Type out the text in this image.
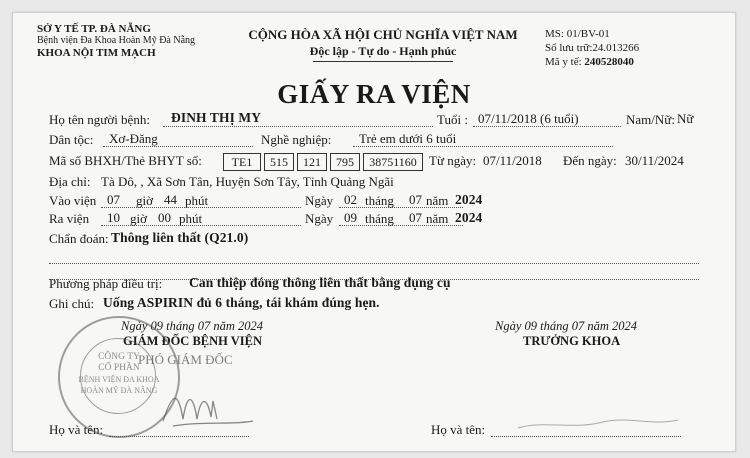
SỞ Y TẾ TP. ĐÀ NẴNG
Bệnh viện Đa Khoa Hoàn Mỹ Đà Nẵng
KHOA NỘI TIM MẠCH
CỘNG HÒA XÃ HỘI CHỦ NGHĨA VIỆT NAM
Độc lập - Tự do - Hạnh phúc
MS: 01/BV-01
Số lưu trữ:24.013266
Mã y tế: 240528040
GIẤY RA VIỆN
Họ tên người bệnh: ĐINH THỊ MY	Tuổi : 07/11/2018 (6 tuổi)	Nam/Nữ: Nữ
Dân tộc: Xơ-Đăng	Nghề nghiệp: Trẻ em dưới 6 tuổi
Mã số BHXH/Thẻ BHYT số:	TE1	515	121	795	38751160 Từ ngày: 07/11/2018 Đến ngày: 30/11/2024
Địa chỉ: Tà Dô, , Xã Sơn Tân, Huyện Sơn Tây, Tỉnh Quảng Ngãi
Vào viện 07 giờ 44 phút	Ngày 02 tháng 07 năm 2024
Ra viện 10 giờ 00 phút	Ngày 09 tháng 07 năm 2024
Chẩn đoán: Thông liên thất (Q21.0)
Phương pháp điều trị: Can thiệp đóng thông liên thất bằng dụng cụ
Ghi chú: Uống ASPIRIN đủ 6 tháng, tái khám đúng hẹn.
Ngày 09 tháng 07 năm 2024
GIÁM ĐỐC BỆNH VIỆN
Họ và tên:
CÔNG TY
CỔ PHẦN
BỆNH VIỆN ĐA KHOA
HOÀN MỸ ĐÀ NẴNG
PHÓ GIÁM ĐỐC
Ngày 09 tháng 07 năm 2024
TRƯỞNG KHOA
Họ và tên:
